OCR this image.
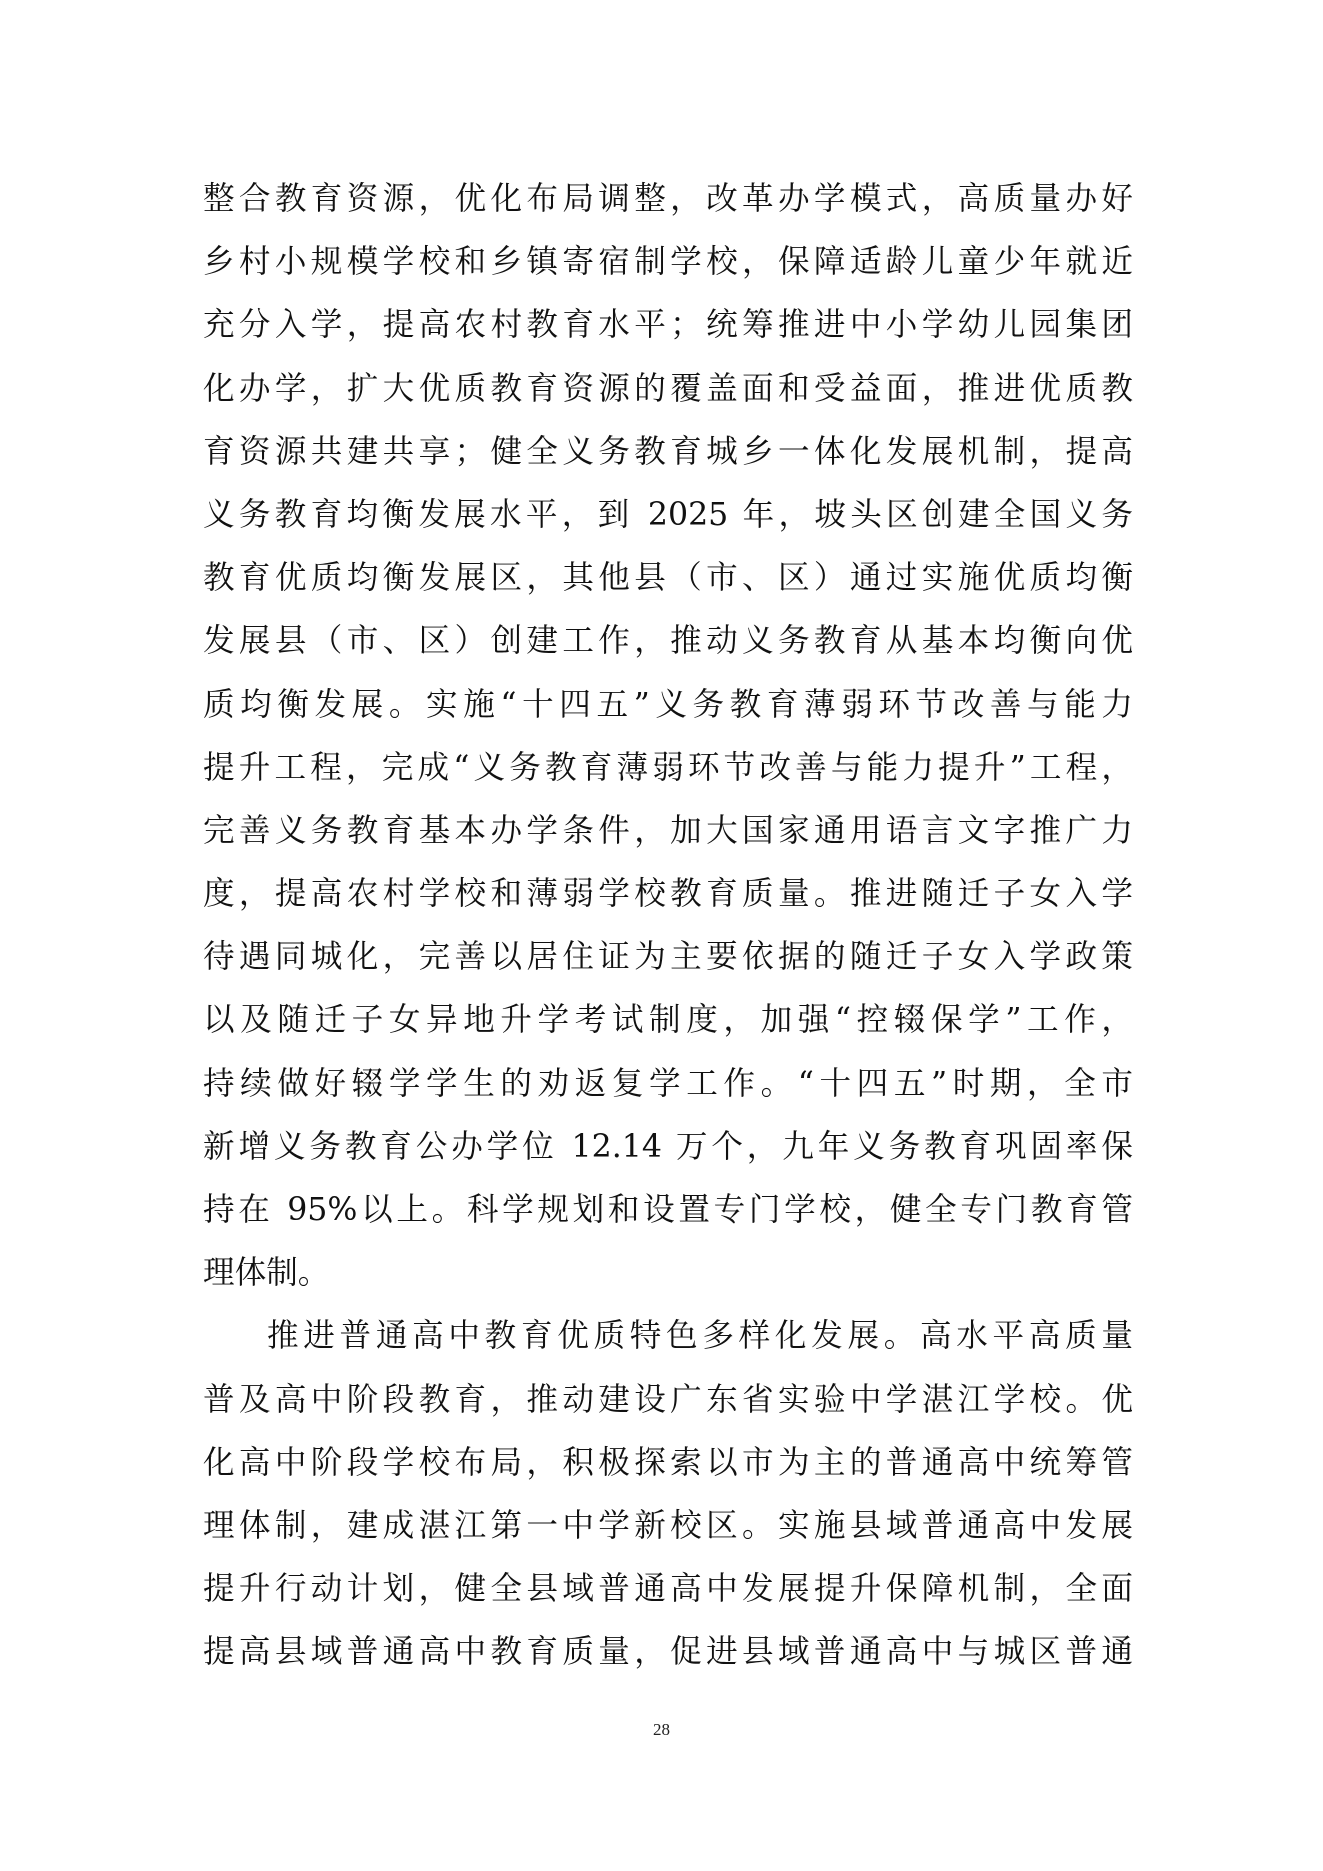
整合教育资源，优化布局调整，改革办学模式，高质量办好
乡村小规模学校和乡镇寄宿制学校，保障适龄儿童少年就近
充分入学，提高农村教育水平；统筹推进中小学幼儿园集团
化办学，扩大优质教育资源的覆盖面和受益面，推进优质教
育资源共建共享；健全义务教育城乡一体化发展机制，提高
义务教育均衡发展水平，到 2025 年，坡头区创建全国义务
教育优质均衡发展区，其他县（市、区）通过实施优质均衡
发展县（市、区）创建工作，推动义务教育从基本均衡向优
质均衡发展。实施“十四五”义务教育薄弱环节改善与能力
提升工程，完成“义务教育薄弱环节改善与能力提升”工程，
完善义务教育基本办学条件，加大国家通用语言文字推广力
度，提高农村学校和薄弱学校教育质量。推进随迁子女入学
待遇同城化，完善以居住证为主要依据的随迁子女入学政策
以及随迁子女异地升学考试制度，加强“控辍保学”工作，
持续做好辍学学生的劝返复学工作。“十四五”时期，全市
新增义务教育公办学位 12.14 万个，九年义务教育巩固率保
持在 95%以上。科学规划和设置专门学校，健全专门教育管
理体制。
推进普通高中教育优质特色多样化发展。高水平高质量
普及高中阶段教育，推动建设广东省实验中学湛江学校。优
化高中阶段学校布局，积极探索以市为主的普通高中统筹管
理体制，建成湛江第一中学新校区。实施县域普通高中发展
提升行动计划，健全县域普通高中发展提升保障机制，全面
提高县域普通高中教育质量，促进县域普通高中与城区普通
28
